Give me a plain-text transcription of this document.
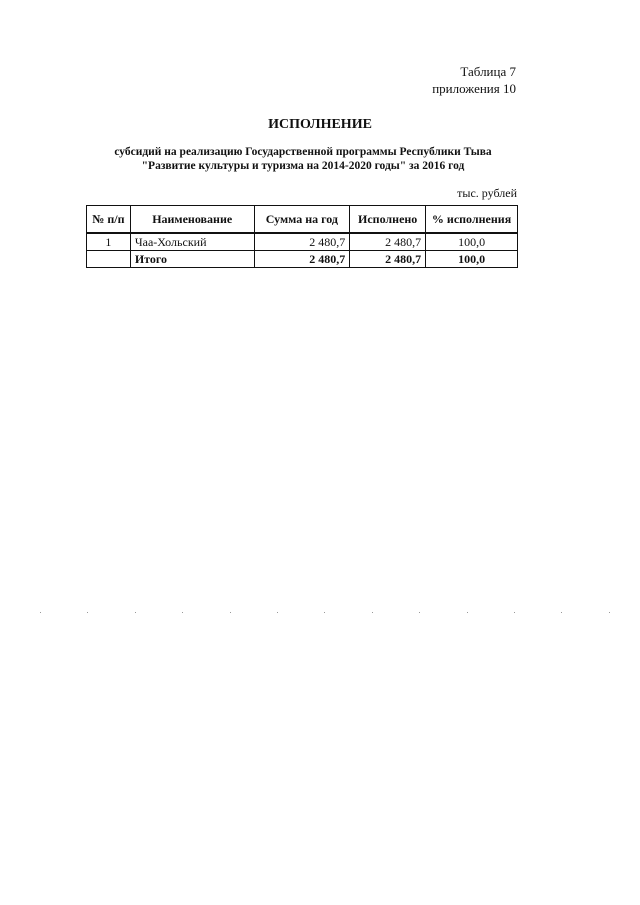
Таблица 7
приложения 10
ИСПОЛНЕНИЕ
субсидий на реализацию Государственной программы Республики Тыва
"Развитие культуры и туризма на 2014-2020 годы" за 2016 год
тыс. рублей
№ п/п	Наименование	Сумма на год	Исполнено	% исполнения
1	Чаа-Хольский	2 480,7	2 480,7	100,0
	Итого	2 480,7	2 480,7	100,0
